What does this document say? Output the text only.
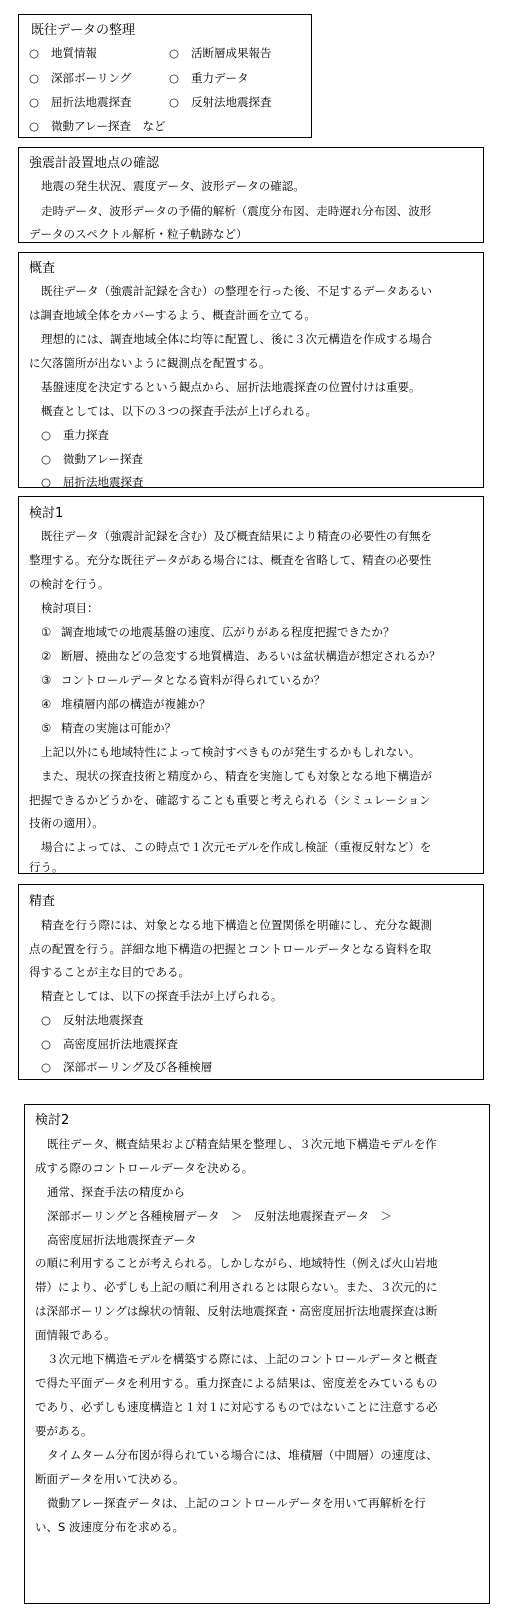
既往データの整理
○ 地質情報	○ 活断層成果報告
○ 深部ボーリング	○ 重力データ
○ 屈折法地震探査	○ 反射法地震探査
○ 微動アレー探査　など
強震計設置地点の確認
地震の発生状況、震度データ、波形データの確認。
走時データ、波形データの予備的解析（震度分布図、走時遅れ分布図、波形
データのスペクトル解析・粒子軌跡など）
概査
既往データ（強震計記録を含む）の整理を行った後、不足するデータあるい
は調査地域全体をカバーするよう、概査計画を立てる。
理想的には、調査地域全体に均等に配置し、後に３次元構造を作成する場合
に欠落箇所が出ないように観測点を配置する。
基盤速度を決定するという観点から、屈折法地震探査の位置付けは重要。
概査としては、以下の３つの探査手法が上げられる。
○ 重力探査
○ 微動アレー探査
○ 屈折法地震探査
検討1
既往データ（強震計記録を含む）及び概査結果により精査の必要性の有無を
整理する。充分な既往データがある場合には、概査を省略して、精査の必要性
の検討を行う。
検討項目：
① 調査地域での地震基盤の速度、広がりがある程度把握できたか？
② 断層、撓曲などの急変する地質構造、あるいは盆状構造が想定されるか？
③ コントロールデータとなる資料が得られているか？
④ 堆積層内部の構造が複雑か？
⑤ 精査の実施は可能か？
上記以外にも地域特性によって検討すべきものが発生するかもしれない。
また、現状の探査技術と精度から、精査を実施しても対象となる地下構造が
把握できるかどうかを、確認することも重要と考えられる（シミュレーション
技術の適用）。
場合によっては、この時点で１次元モデルを作成し検証（重複反射など）を
行う。
精査
精査を行う際には、対象となる地下構造と位置関係を明確にし、充分な観測
点の配置を行う。詳細な地下構造の把握とコントロールデータとなる資料を取
得することが主な目的である。
精査としては、以下の探査手法が上げられる。
○ 反射法地震探査
○ 高密度屈折法地震探査
○ 深部ボーリング及び各種検層
検討2
既往データ、概査結果および精査結果を整理し、３次元地下構造モデルを作
成する際のコントロールデータを決める。
通常、探査手法の精度から
深部ボーリングと各種検層データ　＞　反射法地震探査データ　＞
高密度屈折法地震探査データ
の順に利用することが考えられる。しかしながら、地域特性（例えば火山岩地
帯）により、必ずしも上記の順に利用されるとは限らない。また、３次元的に
は深部ボーリングは線状の情報、反射法地震探査・高密度屈折法地震探査は断
面情報である。
３次元地下構造モデルを構築する際には、上記のコントロールデータと概査
で得た平面データを利用する。重力探査による結果は、密度差をみているもの
であり、必ずしも速度構造と１対１に対応するものではないことに注意する必
要がある。
タイムターム分布図が得られている場合には、堆積層（中間層）の速度は、
断面データを用いて決める。
微動アレー探査データは、上記のコントロールデータを用いて再解析を行
い、S 波速度分布を求める。
